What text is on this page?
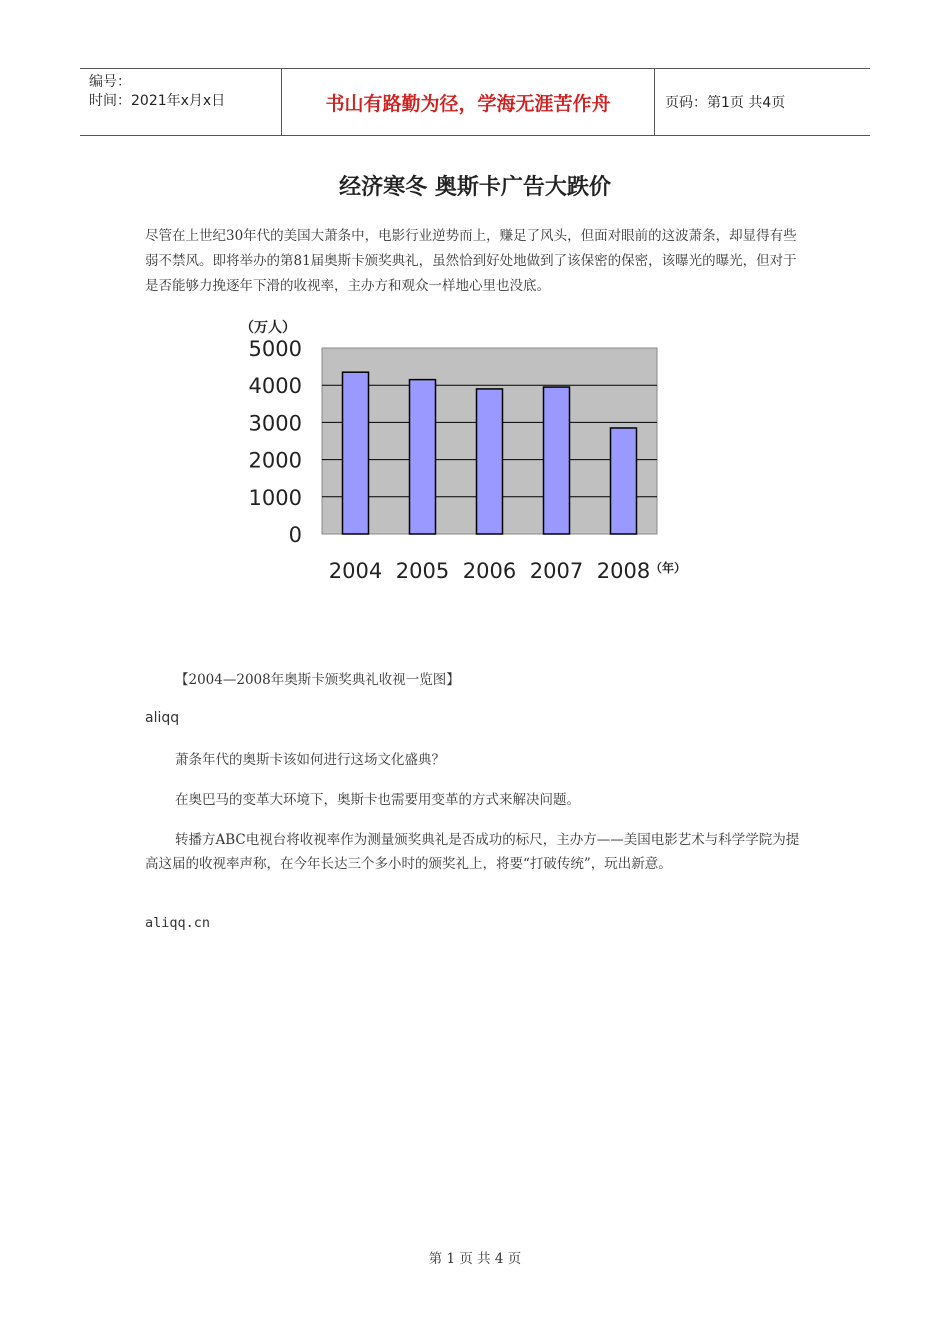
编号：
时间：2021年x月x日	书山有路勤为径，学海无涯苦作舟	页码：第1页 共4页
经济寒冬 奥斯卡广告大跌价
尽管在上世纪30年代的美国大萧条中，电影行业逆势而上，赚足了风头，但面对眼前的这波萧条，却显得有些弱不禁风。即将举办的第81届奥斯卡颁奖典礼，虽然恰到好处地做到了该保密的保密，该曝光的曝光，但对于是否能够力挽逐年下滑的收视率，主办方和观众一样地心里也没底。
（万人）
0
1000
2000
3000
4000
5000
2004 2005 2006 2007 2008 （年）
【2004—2008年奥斯卡颁奖典礼收视一览图】
aliqq
萧条年代的奥斯卡该如何进行这场文化盛典？
在奥巴马的变革大环境下，奥斯卡也需要用变革的方式来解决问题。
转播方ABC电视台将收视率作为测量颁奖典礼是否成功的标尺，主办方——美国电影艺术与科学学院为提高这届的收视率声称，在今年长达三个多小时的颁奖礼上，将要“打破传统”，玩出新意。
aliqq.cn
第 1 页 共 4 页
